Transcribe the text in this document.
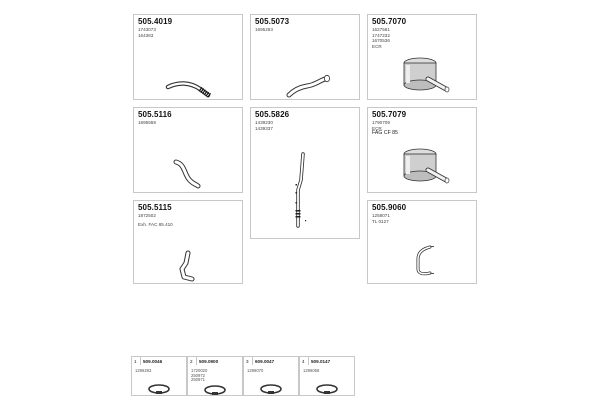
505.4019
1743073
164363
505.5073
1695263
505.7070
1627561
1747232
1670536
ECR
505.5116
1695559
505.5826
1439230
1439337
505.7079
1790709
ECR
FAG CF 85
505.5115
1872502
Exh. FAC 85.410
505.9060
1258071
TL 0127
1 509.0046
1296293
2 509.0900
1720020
250972
250971
3 609.0047
1296070
4 509.0147
1296058
